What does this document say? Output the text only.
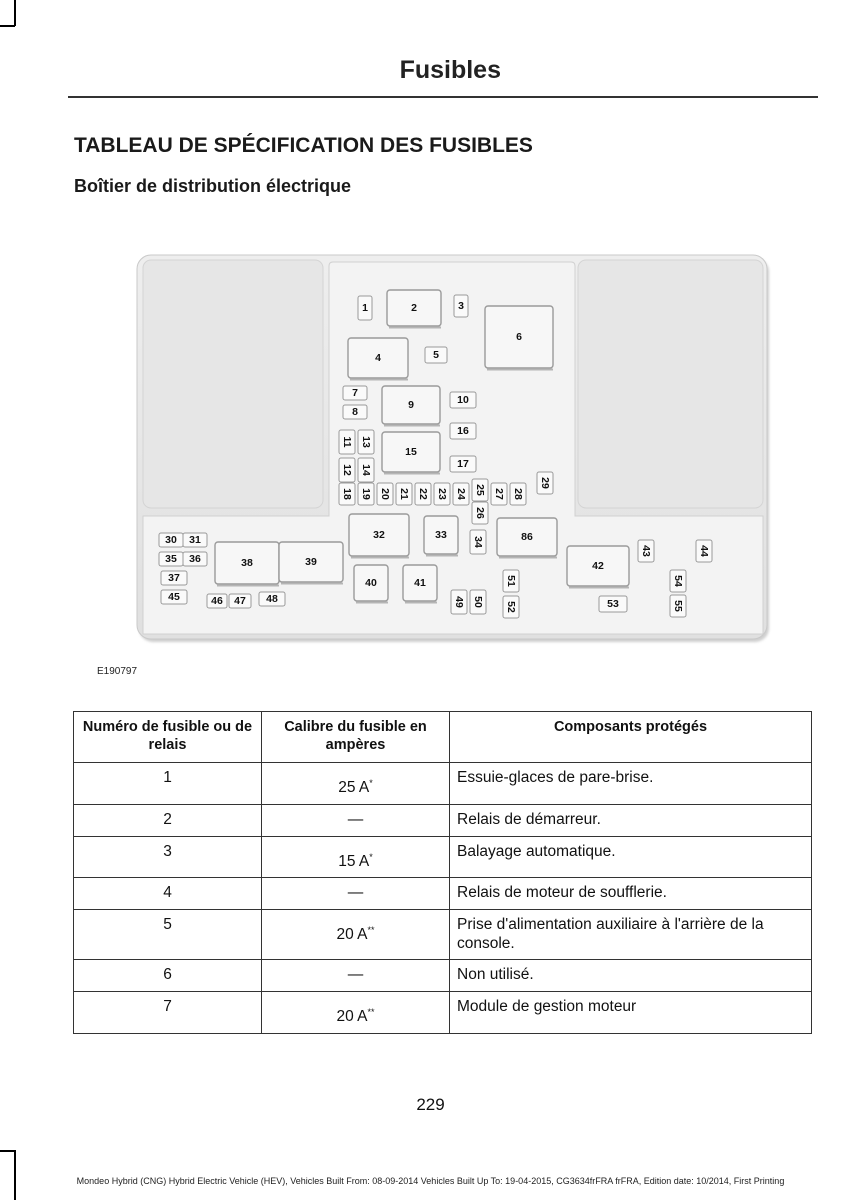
Fusibles
TABLEAU DE SPÉCIFICATION DES FUSIBLES
Boîtier de distribution électrique
1	2	3
4	5
6
7
8
9	10
11
12
13
14
15
16
17
18 19 20 21 22 23 24 25
26
27 28
29
30 31	32	33
34
35 36
37
38	39
40	41
42
43	44
45	46 47 48	49 50
51
52	53
54
55
86
E190797
Numéro de fusible ou de relais	Calibre du fusible en ampères	Composants protégés
1	25 A*	Essuie-glaces de pare-brise.
2	—	Relais de démarreur.
3	15 A*	Balayage automatique.
4	—	Relais de moteur de soufflerie.
5	20 A**	Prise d'alimentation auxiliaire à l'arrière de la console.
6	—	Non utilisé.
7	20 A**	Module de gestion moteur
229
Mondeo Hybrid (CNG) Hybrid Electric Vehicle (HEV), Vehicles Built From: 08-09-2014 Vehicles Built Up To: 19-04-2015, CG3634frFRA frFRA, Edition date: 10/2014, First Printing
